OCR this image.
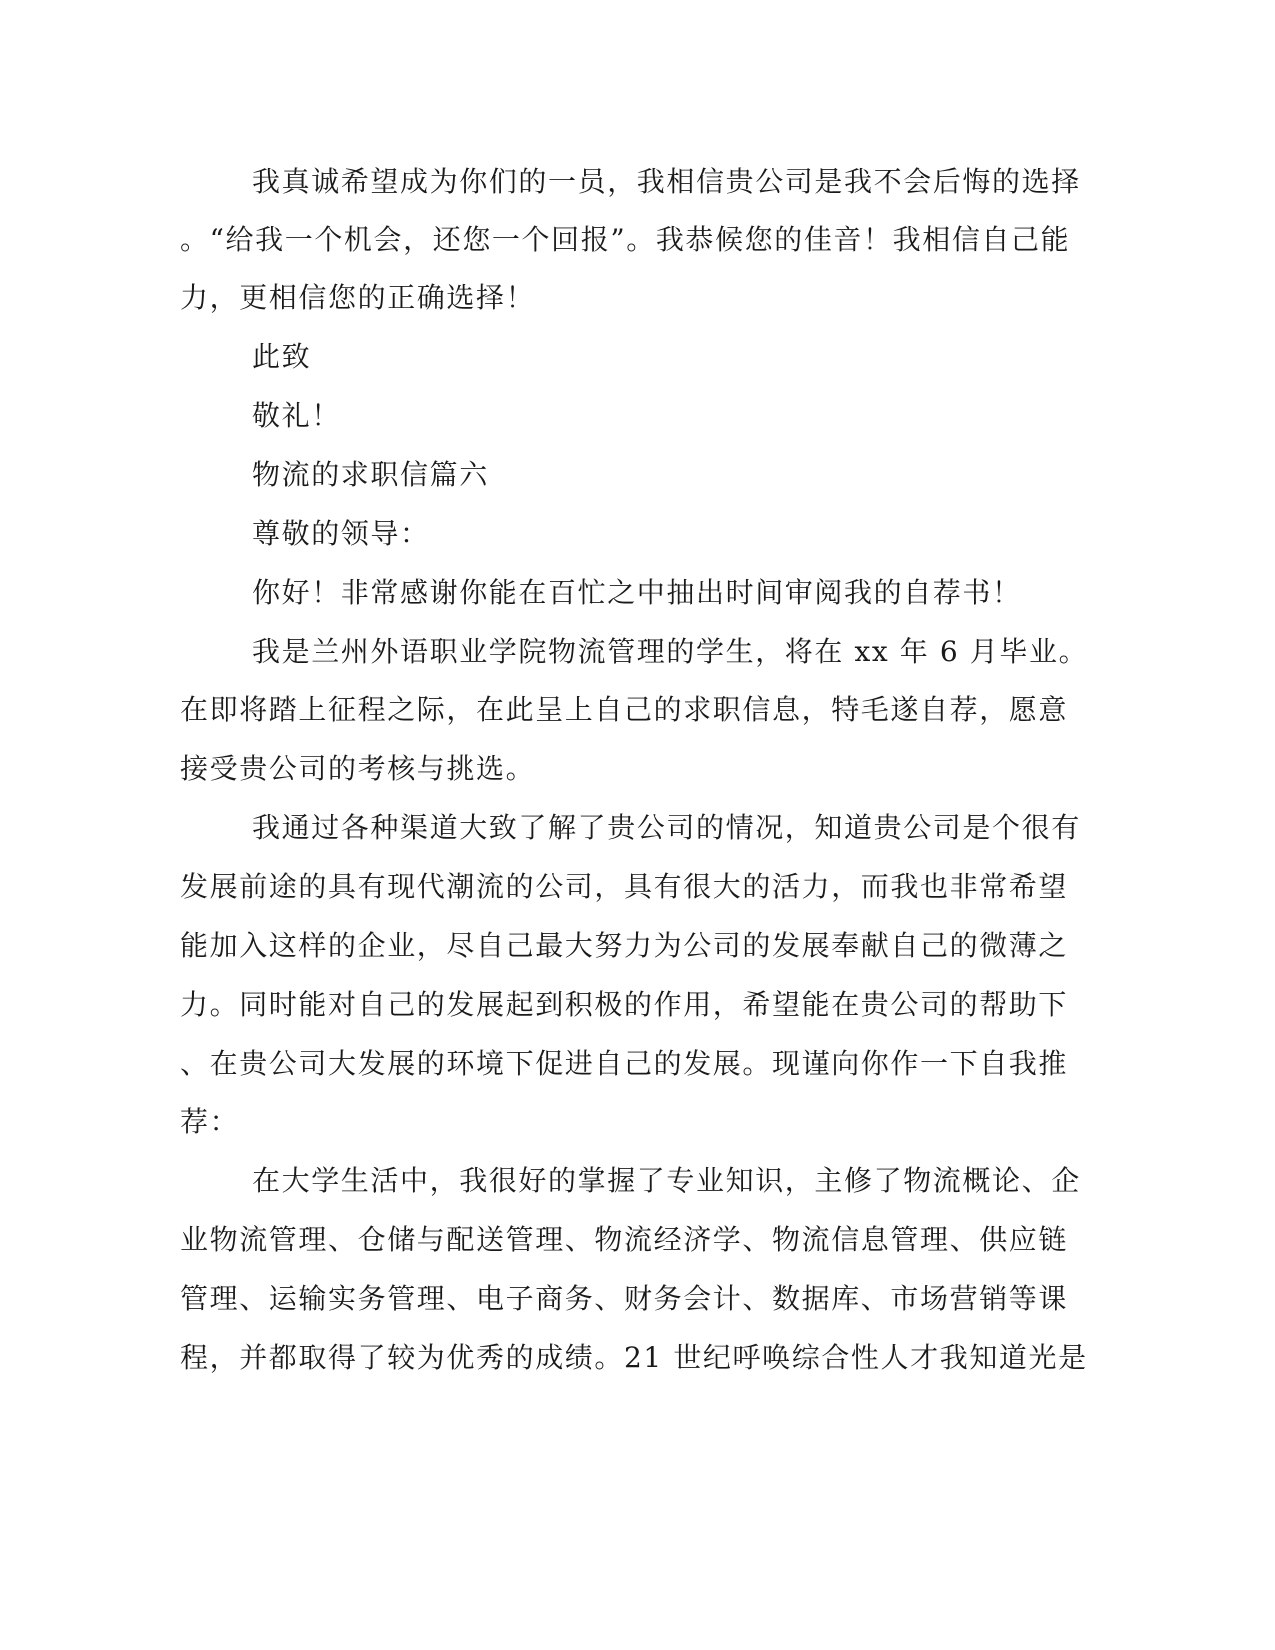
我真诚希望成为你们的一员，我相信贵公司是我不会后悔的选择

。“给我一个机会，还您一个回报”。我恭候您的佳音！我相信自己能

力，更相信您的正确选择！

此致

敬礼！

物流的求职信篇六

尊敬的领导：

你好！非常感谢你能在百忙之中抽出时间审阅我的自荐书！

我是兰州外语职业学院物流管理的学生，将在 xx 年 6 月毕业。

在即将踏上征程之际，在此呈上自己的求职信息，特毛遂自荐，愿意

接受贵公司的考核与挑选。

我通过各种渠道大致了解了贵公司的情况，知道贵公司是个很有

发展前途的具有现代潮流的公司，具有很大的活力，而我也非常希望

能加入这样的企业，尽自己最大努力为公司的发展奉献自己的微薄之

力。同时能对自己的发展起到积极的作用，希望能在贵公司的帮助下

、在贵公司大发展的环境下促进自己的发展。现谨向你作一下自我推

荐：

在大学生活中，我很好的掌握了专业知识，主修了物流概论、企

业物流管理、仓储与配送管理、物流经济学、物流信息管理、供应链

管理、运输实务管理、电子商务、财务会计、数据库、市场营销等课

程，并都取得了较为优秀的成绩。21 世纪呼唤综合性人才我知道光是
